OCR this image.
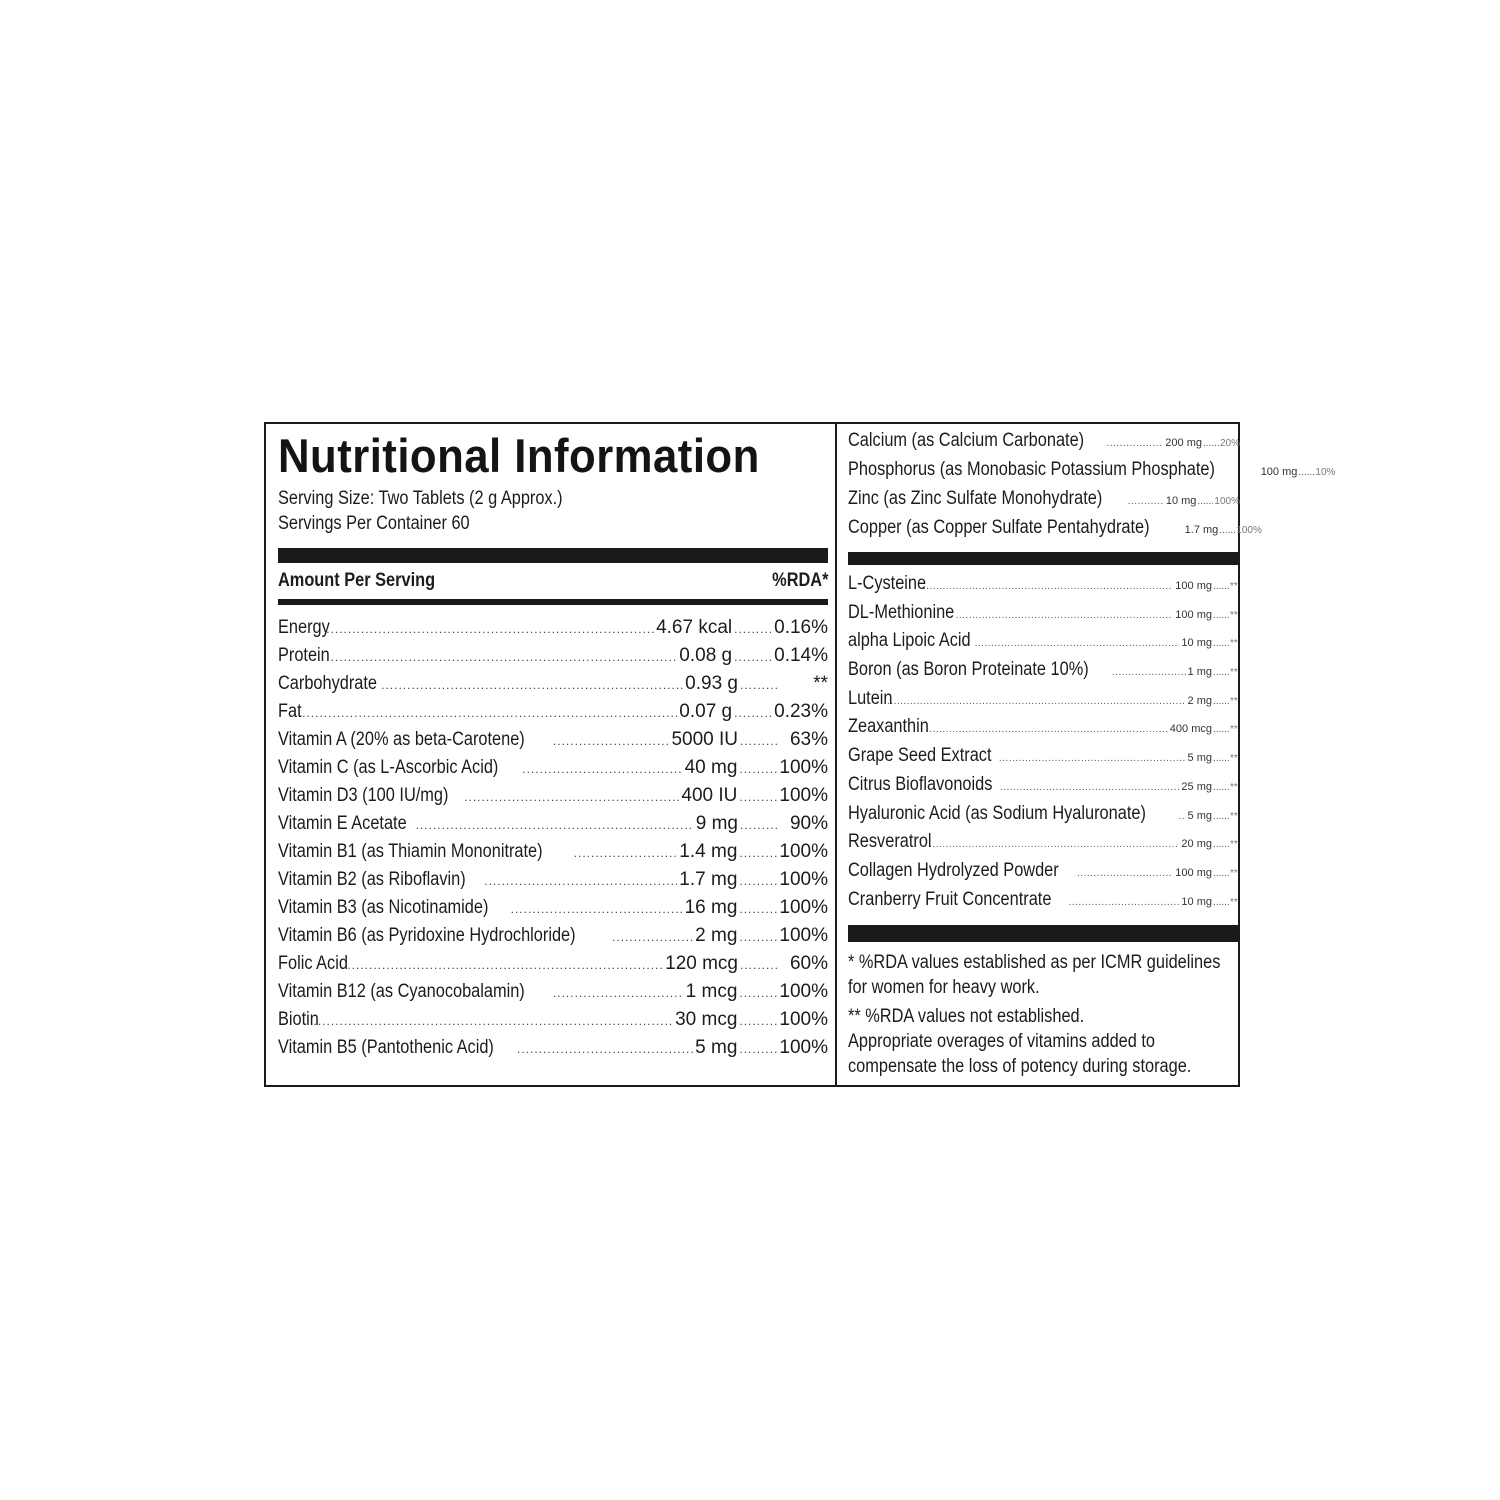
Nutritional Information
Serving Size: Two Tablets (2 g Approx.)
Servings Per Container 60
Amount Per Serving	%RDA*
Energy .....	4.67 kcal ..... 0.16%
Protein .....	0.08 g ..... 0.14%
Carbohydrate .....	0.93 g .....	**
Fat .....	0.07 g ..... 0.23%
Vitamin A (20% as beta-Carotene) .....	5000 IU .....	63%
Vitamin C (as L-Ascorbic Acid) .....	40 mg ..... 100%
Vitamin D3 (100 IU/mg) .....	400 IU ..... 100%
Vitamin E Acetate .....	9 mg .....	90%
Vitamin B1 (as Thiamin Mononitrate) .....	1.4 mg ..... 100%
Vitamin B2 (as Riboflavin) .....	1.7 mg ..... 100%
Vitamin B3 (as Nicotinamide) .....	16 mg ..... 100%
Vitamin B6 (as Pyridoxine Hydrochloride) .....	2 mg ..... 100%
Folic Acid .....	120 mcg .....	60%
Vitamin B12 (as Cyanocobalamin) .....	1 mcg ..... 100%
Biotin .....	30 mcg ..... 100%
Vitamin B5 (Pantothenic Acid) .....	5 mg ..... 100%
Calcium (as Calcium Carbonate) .....	200 mg ..... 20%
Phosphorus (as Monobasic Potassium Phosphate)	100 mg ..... 10%
Zinc (as Zinc Sulfate Monohydrate) .....	10 mg ..... 100%
Copper (as Copper Sulfate Pentahydrate)	1.7 mg ..... 100%
L-Cysteine .....	100 mg ..... **
DL-Methionine .....	100 mg ..... **
alpha Lipoic Acid .....	10 mg ..... **
Boron (as Boron Proteinate 10%) .....	1 mg ..... **
Lutein .....	2 mg ..... **
Zeaxanthin .....	400 mcg ..... **
Grape Seed Extract .....	5 mg ..... **
Citrus Bioflavonoids .....	25 mg ..... **
Hyaluronic Acid (as Sodium Hyaluronate) .....	5 mg ..... **
Resveratrol .....	20 mg ..... **
Collagen Hydrolyzed Powder .....	100 mg ..... **
Cranberry Fruit Concentrate .....	10 mg ..... **
* %RDA values established as per ICMR guidelines for women for heavy work.
** %RDA values not established.
Appropriate overages of vitamins added to compensate the loss of potency during storage.
